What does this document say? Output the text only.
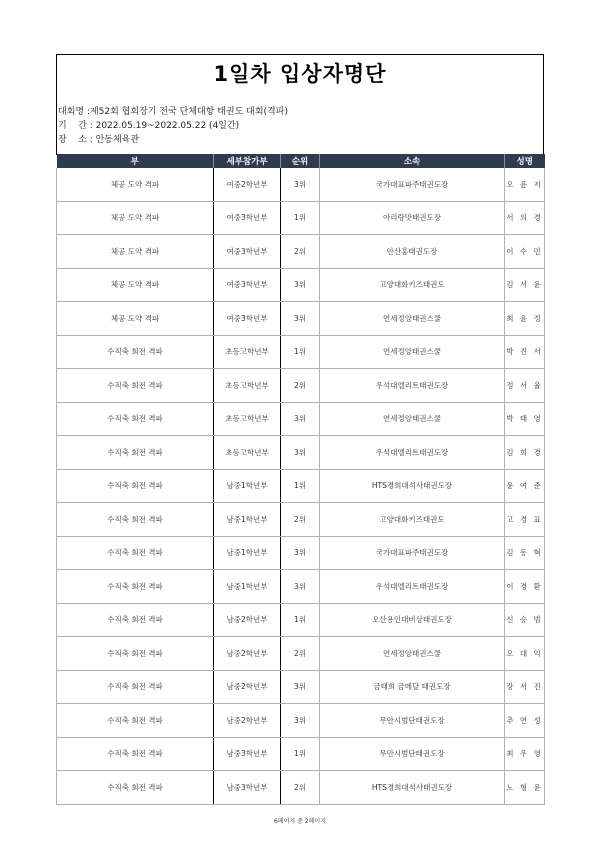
1일차 입상자명단
대회명 :제52회 협회장기 전국 단체대항 태권도 대회(격파)
기    간 : 2022.05.19~2022.05.22 (4일간)
장    소 : 안동체육관
부	세부참가부	순위	소속	성명
체공 도약 격파	여중2학년부	3위	국가대표파주태권도장	오 윤 지
체공 도약 격파	여중3학년부	1위	아리랑맛태권도장	서 의 경
체공 도약 격파	여중3학년부	2위	안산홍태권도장	이 수 민
체공 도약 격파	여중3학년부	3위	고양대화키즈태권도	김 서 윤
체공 도약 격파	여중3학년부	3위	연세정앙태권스쿨	최 윤 정
수직축 회전 격파	초등고학년부	1위	연세정앙태권스쿨	박 진 서
수직축 회전 격파	초등고학년부	2위	우석대엘리트태권도장	정 서 율
수직축 회전 격파	초등고학년부	3위	연세정앙태권스쿨	박 태 영
수직축 회전 격파	초등고학년부	3위	우석대엘리트태권도장	김 희 경
수직축 회전 격파	남중1학년부	1위	HTS경희대석사태권도장	윤 여 준
수직축 회전 격파	남중1학년부	2위	고양대화키즈태권도	고 경 표
수직축 회전 격파	남중1학년부	3위	국가대표파주태권도장	김 동 혁
수직축 회전 격파	남중1학년부	3위	우석대엘리트태권도장	이 경 환
수직축 회전 격파	남중2학년부	1위	오산용인대비상태권도장	신 승 범
수직축 회전 격파	남중2학년부	2위	연세정앙태권스쿨	오 대 익
수직축 회전 격파	남중2학년부	3위	금태희 금메달 태권도장	장 서 진
수직축 회전 격파	남중2학년부	3위	무안시범단태권도장	추 연 성
수직축 회전 격파	남중3학년부	1위	무안시범단태권도장	최 우 영
수직축 회전 격파	남중3학년부	2위	HTS경희대석사태권도장	노 형 윤
6페이지 중 2페이지
